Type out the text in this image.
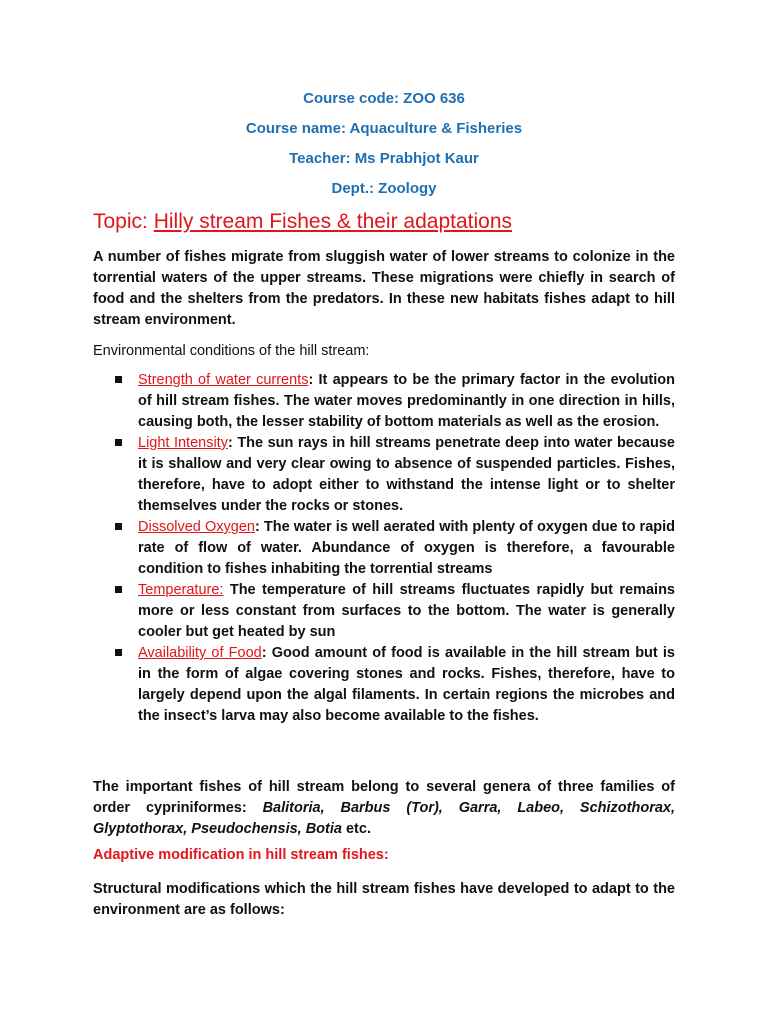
Course code: ZOO 636
Course name: Aquaculture & Fisheries
Teacher: Ms Prabhjot Kaur
Dept.: Zoology
Topic: Hilly stream Fishes & their adaptations
A number of fishes migrate from sluggish water of lower streams to colonize in the torrential waters of the upper streams. These migrations were chiefly in search of food and the shelters from the predators. In these new habitats fishes adapt to hill stream environment.
Environmental conditions of the hill stream:
Strength of water currents: It appears to be the primary factor in the evolution of hill stream fishes. The water moves predominantly in one direction in hills, causing both, the lesser stability of bottom materials as well as the erosion.
Light Intensity: The sun rays in hill streams penetrate deep into water because it is shallow and very clear owing to absence of suspended particles. Fishes, therefore, have to adopt either to withstand the intense light or to shelter themselves under the rocks or stones.
Dissolved Oxygen: The water is well aerated with plenty of oxygen due to rapid rate of flow of water. Abundance of oxygen is therefore, a favourable condition to fishes inhabiting the torrential streams
Temperature: The temperature of hill streams fluctuates rapidly but remains more or less constant from surfaces to the bottom. The water is generally cooler but get heated by sun
Availability of Food: Good amount of food is available in the hill stream but is in the form of algae covering stones and rocks. Fishes, therefore, have to largely depend upon the algal filaments. In certain regions the microbes and the insect’s larva may also become available to the fishes.
The important fishes of hill stream belong to several genera of three families of order cypriniformes: Balitoria, Barbus (Tor), Garra, Labeo, Schizothorax, Glyptothorax, Pseudochensis, Botia etc.
Adaptive modification in hill stream fishes:
Structural modifications which the hill stream fishes have developed to adapt to the environment are as follows:
